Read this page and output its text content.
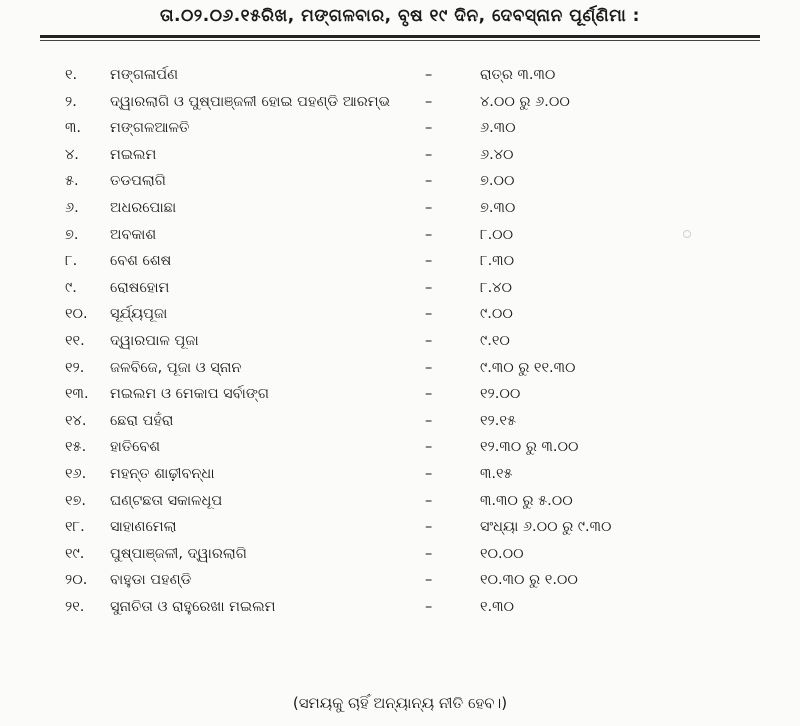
ତା.୦୨.୦୬.୧୫ରିଖ, ମଙ୍ଗଳବାର, ବୃଷ ୧୯ ଦିନ, ଦେବସ୍ନାନ ପୂର୍ଣ୍ଣିମା :
୧.	ମଙ୍ଗଳାର୍ପଣ	–	ରାତ୍ର ୩.୩୦
୨.	ଦ୍ୱାରଲାଗି ଓ ପୁଷ୍ପାଞ୍ଜଳୀ ହୋଇ ପହଣ୍ଡି ଆରମ୍ଭ	–	୪.୦୦ ରୁ ୬.୦୦
୩.	ମଙ୍ଗଳଆଳତି	–	୬.୩୦
୪.	ମଇଲମ	–	୬.୪୦
୫.	ତଡପଲାଗି	–	୭.୦୦
୬.	ଅଧରପୋଛା	–	୭.୩୦
୭.	ଅବକାଶ	–	୮.୦୦
୮.	ବେଶ ଶେଷ	–	୮.୩୦
୯.	ରୋଷହୋମ	–	୮.୪୦
୧୦.	ସୂର୍ଯ୍ୟପୂଜା	–	୯.୦୦
୧୧.	ଦ୍ୱାରପାଳ ପୂଜା	–	୯.୧୦
୧୨.	ଜଳବିଜେ, ପୂଜା ଓ ସ୍ନାନ	–	୯.୩୦ ରୁ ୧୧.୩୦
୧୩.	ମଇଲମ ଓ ମେକାପ ସର୍ବାଙ୍ଗ	–	୧୨.୦୦
୧୪.	ଛେରା ପହଁରା	–	୧୨.୧୫
୧୫.	ହାତିବେଶ	–	୧୨.୩୦ ରୁ ୩.୦୦
୧୬.	ମହନ୍ତ ଶାଢ଼ୀବନ୍ଧା	–	୩.୧୫
୧୭.	ଘଣ୍ଟଛତା ସକାଳଧୂପ	–	୩.୩୦ ରୁ ୫.୦୦
୧୮.	ସାହାଣମେଲା	–	ସଂଧ୍ୟା ୬.୦୦ ରୁ ୯.୩୦
୧୯.	ପୁଷ୍ପାଞ୍ଜଳୀ, ଦ୍ୱାରଲାଗି	–	୧୦.୦୦
୨୦.	ବାହୁଡା ପହଣ୍ଡି	–	୧୦.୩୦ ରୁ ୧.୦୦
୨୧.	ସୁନାଚିତା ଓ ରାହୁରେଖା ମଇଲମ	–	୧.୩୦
(ସମୟକୁ ଚାହିଁ ଅନ୍ୟାନ୍ୟ ନୀତି ହେବ।)
